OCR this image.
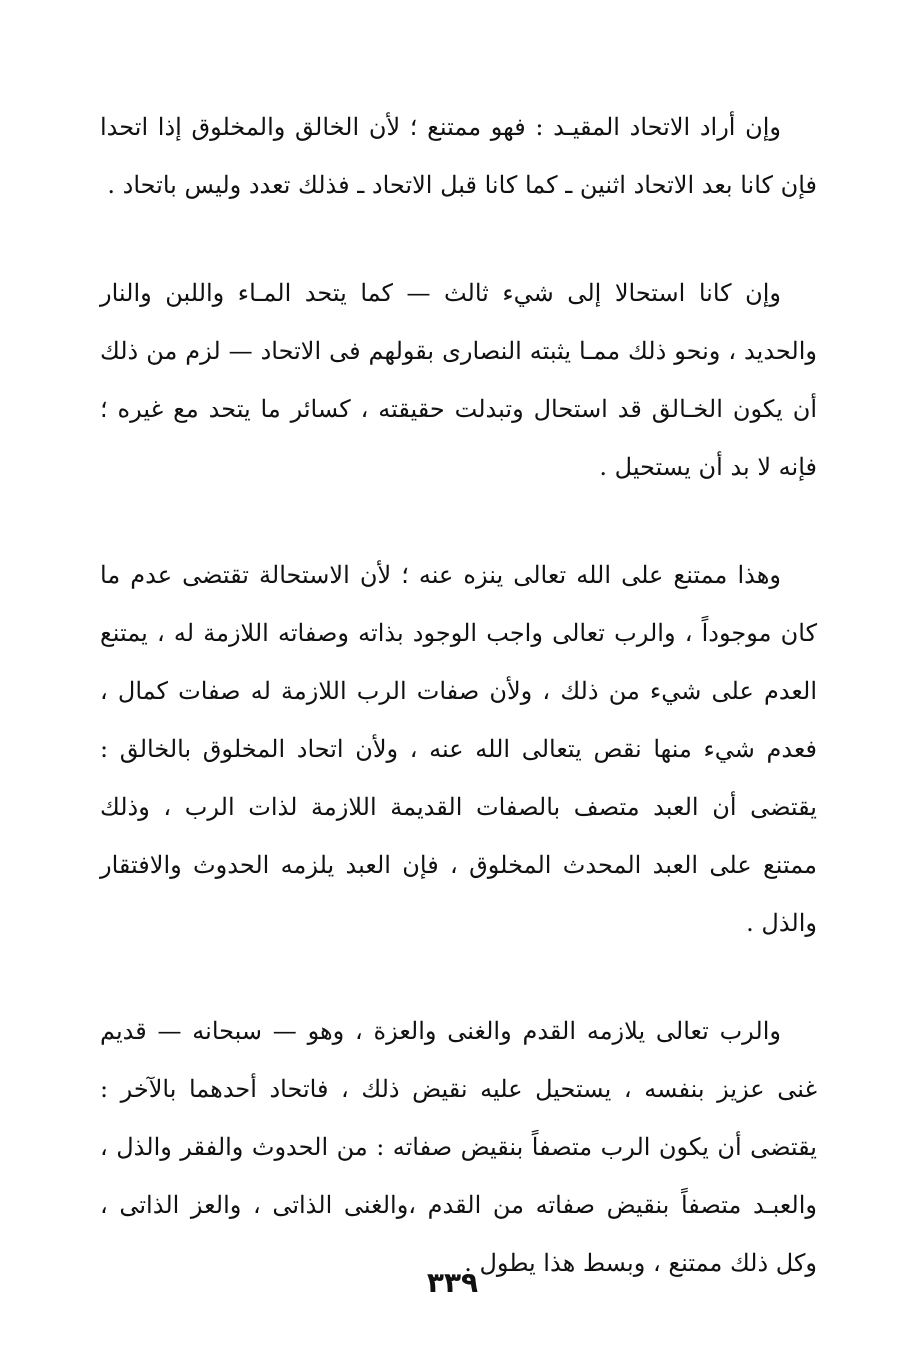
وإن أراد الاتحاد المقيـد : فهو ممتنع ؛ لأن الخالق والمخلوق إذا اتحدا فإن كانا بعد الاتحاد اثنين ـ كما كانا قبل الاتحاد ـ فذلك تعدد وليس باتحاد .

وإن كانا استحالا إلى شيء ثالث — كما يتحد المـاء واللبن والنار والحديد ، ونحو ذلك ممـا يثبته النصارى بقولهم فى الاتحاد — لزم من ذلك أن يكون الخـالق قد استحال وتبدلت حقيقته ، كسائر ما يتحد مع غيره ؛ فإنه لا بد أن يستحيل .

وهذا ممتنع على الله تعالى ينزه عنه ؛ لأن الاستحالة تقتضى عدم ما كان موجوداً ، والرب تعالى واجب الوجود بذاته وصفاته اللازمة له ، يمتنع العدم على شيء من ذلك ، ولأن صفات الرب اللازمة له صفات كمال ، فعدم شيء منها نقص يتعالى الله عنه ، ولأن اتحاد المخلوق بالخالق : يقتضى أن العبد متصف بالصفات القديمة اللازمة لذات الرب ، وذلك ممتنع على العبد المحدث المخلوق ، فإن العبد يلزمه الحدوث والافتقار والذل .

والرب تعالى يلازمه القدم والغنى والعزة ، وهو — سبحانه — قديم غنى عزيز بنفسه ، يستحيل عليه نقيض ذلك ، فاتحاد أحدهما بالآخر : يقتضى أن يكون الرب متصفاً بنقيض صفاته : من الحدوث والفقر والذل ، والعبـد متصفاً بنقيض صفاته من القدم ،والغنى الذاتى ، والعز الذاتى ، وكل ذلك ممتنع ، وبسط هذا يطول .

٣٣٩
